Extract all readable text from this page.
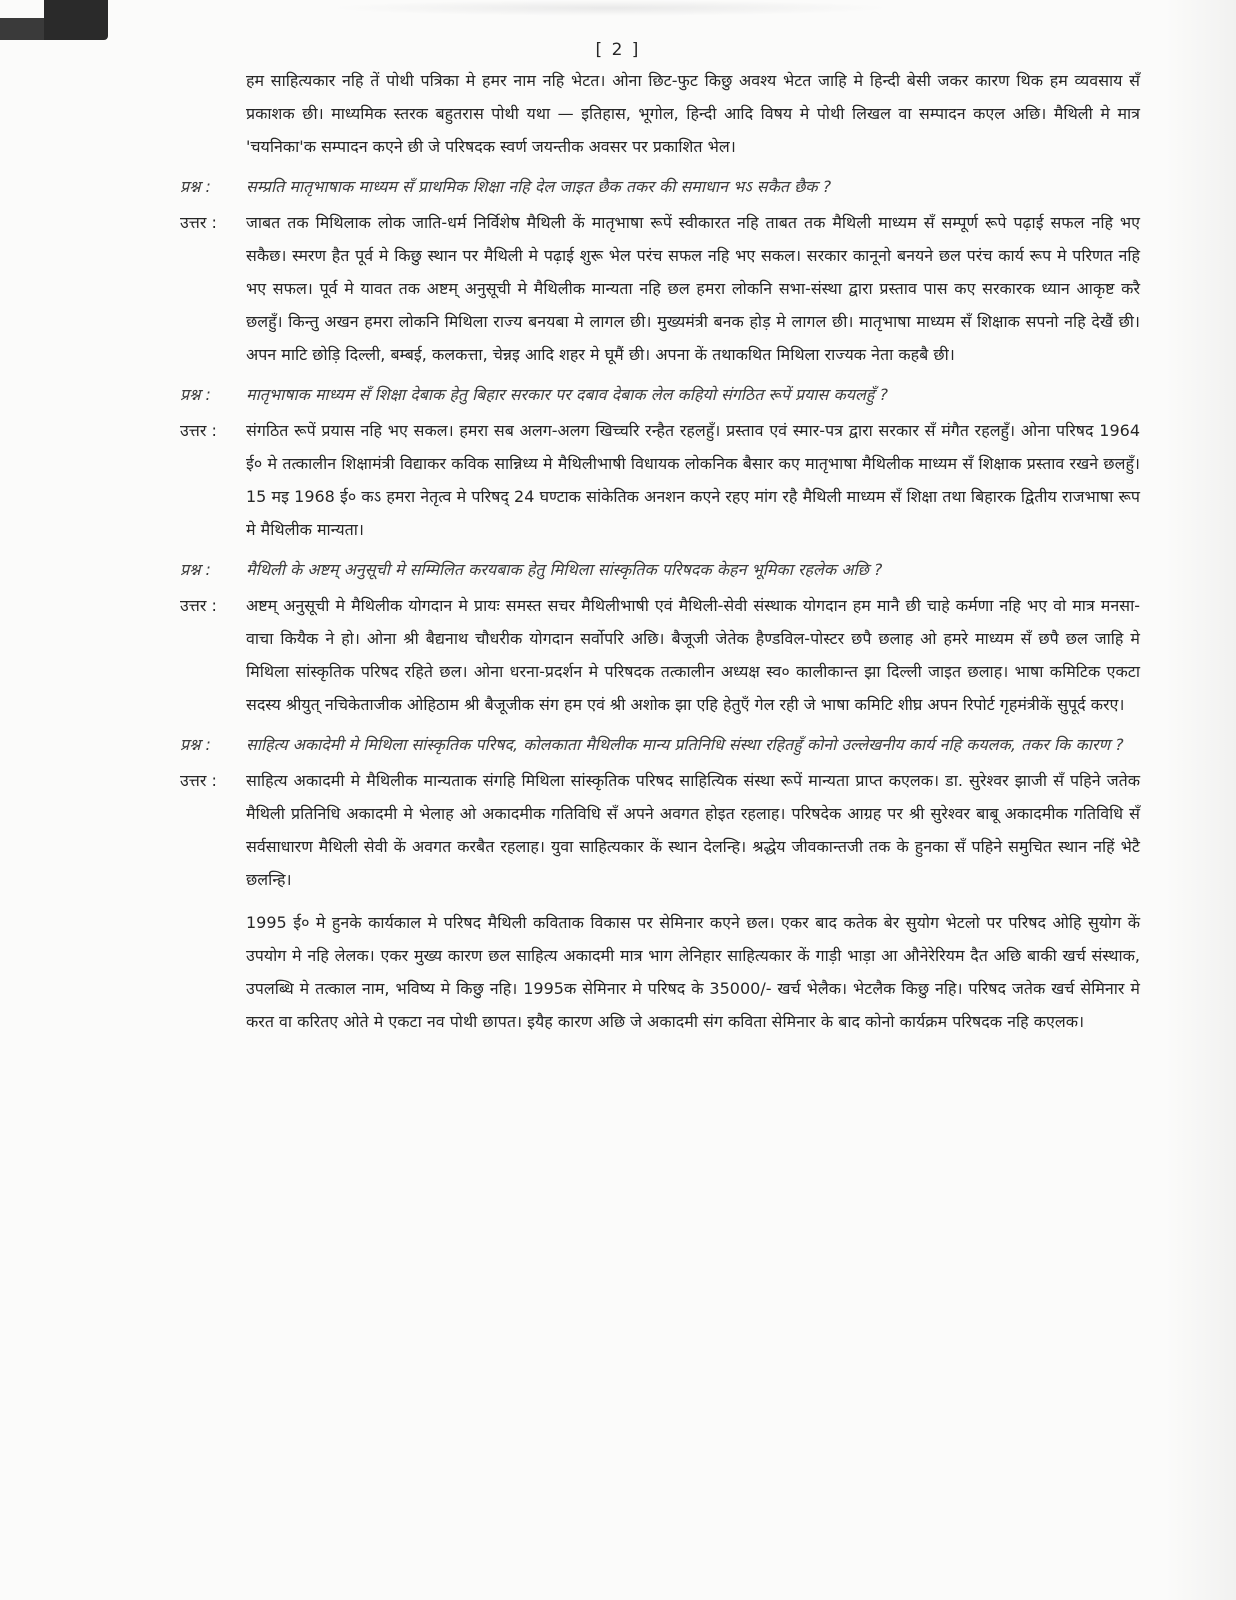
[ 2 ]
हम साहित्यकार नहि तें पोथी पत्रिका मे हमर नाम नहि भेटत। ओना छिट-फुट किछु अवश्य भेटत जाहि मे हिन्दी बेसी जकर कारण थिक हम व्यवसाय सँ प्रकाशक छी। माध्यमिक स्तरक बहुतरास पोथी यथा — इतिहास, भूगोल, हिन्दी आदि विषय मे पोथी लिखल वा सम्पादन कएल अछि। मैथिली मे मात्र 'चयनिका'क सम्पादन कएने छी जे परिषदक स्वर्ण जयन्तीक अवसर पर प्रकाशित भेल।
प्रश्न :	सम्प्रति मातृभाषाक माध्यम सँ प्राथमिक शिक्षा नहि देल जाइत छैक तकर की समाधान भऽ सकैत छैक ?
उत्तर :	जाबत तक मिथिलाक लोक जाति-धर्म निर्विशेष मैथिली कें मातृभाषा रूपें स्वीकारत नहि ताबत तक मैथिली माध्यम सँ सम्पूर्ण रूपे पढ़ाई सफल नहि भए सकैछ। स्मरण हैत पूर्व मे किछु स्थान पर मैथिली मे पढ़ाई शुरू भेल परंच सफल नहि भए सकल। सरकार कानूनो बनयने छल परंच कार्य रूप मे परिणत नहि भए सफल। पूर्व मे यावत तक अष्टम् अनुसूची मे मैथिलीक मान्यता नहि छल हमरा लोकनि सभा-संस्था द्वारा प्रस्ताव पास कए सरकारक ध्यान आकृष्ट करै छलहुँ। किन्तु अखन हमरा लोकनि मिथिला राज्य बनयबा मे लागल छी। मुख्यमंत्री बनक होड़ मे लागल छी। मातृभाषा माध्यम सँ शिक्षाक सपनो नहि देखैं छी। अपन माटि छोड़ि दिल्ली, बम्बई, कलकत्ता, चेन्नइ आदि शहर मे घूमैं छी। अपना कें तथाकथित मिथिला राज्यक नेता कहबै छी।
प्रश्न :	मातृभाषाक माध्यम सँ शिक्षा देबाक हेतु बिहार सरकार पर दबाव देबाक लेल कहियो संगठित रूपें प्रयास कयलहुँ ?
उत्तर :	संगठित रूपें प्रयास नहि भए सकल। हमरा सब अलग-अलग खिच्चरि रन्हैत रहलहुँ। प्रस्ताव एवं स्मार-पत्र द्वारा सरकार सँ मंगैत रहलहुँ। ओना परिषद 1964 ई० मे तत्कालीन शिक्षामंत्री विद्याकर कविक सान्निध्य मे मैथिलीभाषी विधायक लोकनिक बैसार कए मातृभाषा मैथिलीक माध्यम सँ शिक्षाक प्रस्ताव रखने छलहुँ। 15 मइ 1968 ई० कऽ हमरा नेतृत्व मे परिषद् 24 घण्टाक सांकेतिक अनशन कएने रहए मांग रहै मैथिली माध्यम सँ शिक्षा तथा बिहारक द्वितीय राजभाषा रूप मे मैथिलीक मान्यता।
प्रश्न :	मैथिली के अष्टम् अनुसूची मे सम्मिलित करयबाक हेतु मिथिला सांस्कृतिक परिषदक केहन भूमिका रहलेक अछि ?
उत्तर :	अष्टम् अनुसूची मे मैथिलीक योगदान मे प्रायः समस्त सचर मैथिलीभाषी एवं मैथिली-सेवी संस्थाक योगदान हम मानै छी चाहे कर्मणा नहि भए वो मात्र मनसा-वाचा कियैक ने हो। ओना श्री बैद्यनाथ चौधरीक योगदान सर्वोपरि अछि। बैजूजी जेतेक हैण्डविल-पोस्टर छपै छलाह ओ हमरे माध्यम सँ छपै छल जाहि मे मिथिला सांस्कृतिक परिषद रहिते छल। ओना धरना-प्रदर्शन मे परिषदक तत्कालीन अध्यक्ष स्व० कालीकान्त झा दिल्ली जाइत छलाह। भाषा कमिटिक एकटा सदस्य श्रीयुत् नचिकेताजीक ओहिठाम श्री बैजूजीक संग हम एवं श्री अशोक झा एहि हेतुएँ गेल रही जे भाषा कमिटि शीघ्र अपन रिपोर्ट गृहमंत्रीकें सुपूर्द करए।
प्रश्न :	साहित्य अकादेमी मे मिथिला सांस्कृतिक परिषद, कोलकाता मैथिलीक मान्य प्रतिनिधि संस्था रहितहुँ कोनो उल्लेखनीय कार्य नहि कयलक, तकर कि कारण ?
उत्तर :	साहित्य अकादमी मे मैथिलीक मान्यताक संगहि मिथिला सांस्कृतिक परिषद साहित्यिक संस्था रूपें मान्यता प्राप्त कएलक। डा. सुरेश्वर झाजी सँ पहिने जतेक मैथिली प्रतिनिधि अकादमी मे भेलाह ओ अकादमीक गतिविधि सँ अपने अवगत होइत रहलाह। परिषदेक आग्रह पर श्री सुरेश्वर बाबू अकादमीक गतिविधि सँ सर्वसाधारण मैथिली सेवी कें अवगत करबैत रहलाह। युवा साहित्यकार कें स्थान देलन्हि। श्रद्धेय जीवकान्तजी तक के हुनका सँ पहिने समुचित स्थान नहिं भेटै छलन्हि।
1995 ई० मे हुनके कार्यकाल मे परिषद मैथिली कविताक विकास पर सेमिनार कएने छल। एकर बाद कतेक बेर सुयोग भेटलो पर परिषद ओहि सुयोग कें उपयोग मे नहि लेलक। एकर मुख्य कारण छल साहित्य अकादमी मात्र भाग लेनिहार साहित्यकार कें गाड़ी भाड़ा आ औनेरेरियम दैत अछि बाकी खर्च संस्थाक, उपलब्धि मे तत्काल नाम, भविष्य मे किछु नहि। 1995क सेमिनार मे परिषद के 35000/- खर्च भेलैक। भेटलैक किछु नहि। परिषद जतेक खर्च सेमिनार मे करत वा करितए ओते मे एकटा नव पोथी छापत। इयैह कारण अछि जे अकादमी संग कविता सेमिनार के बाद कोनो कार्यक्रम परिषदक नहि कएलक।
